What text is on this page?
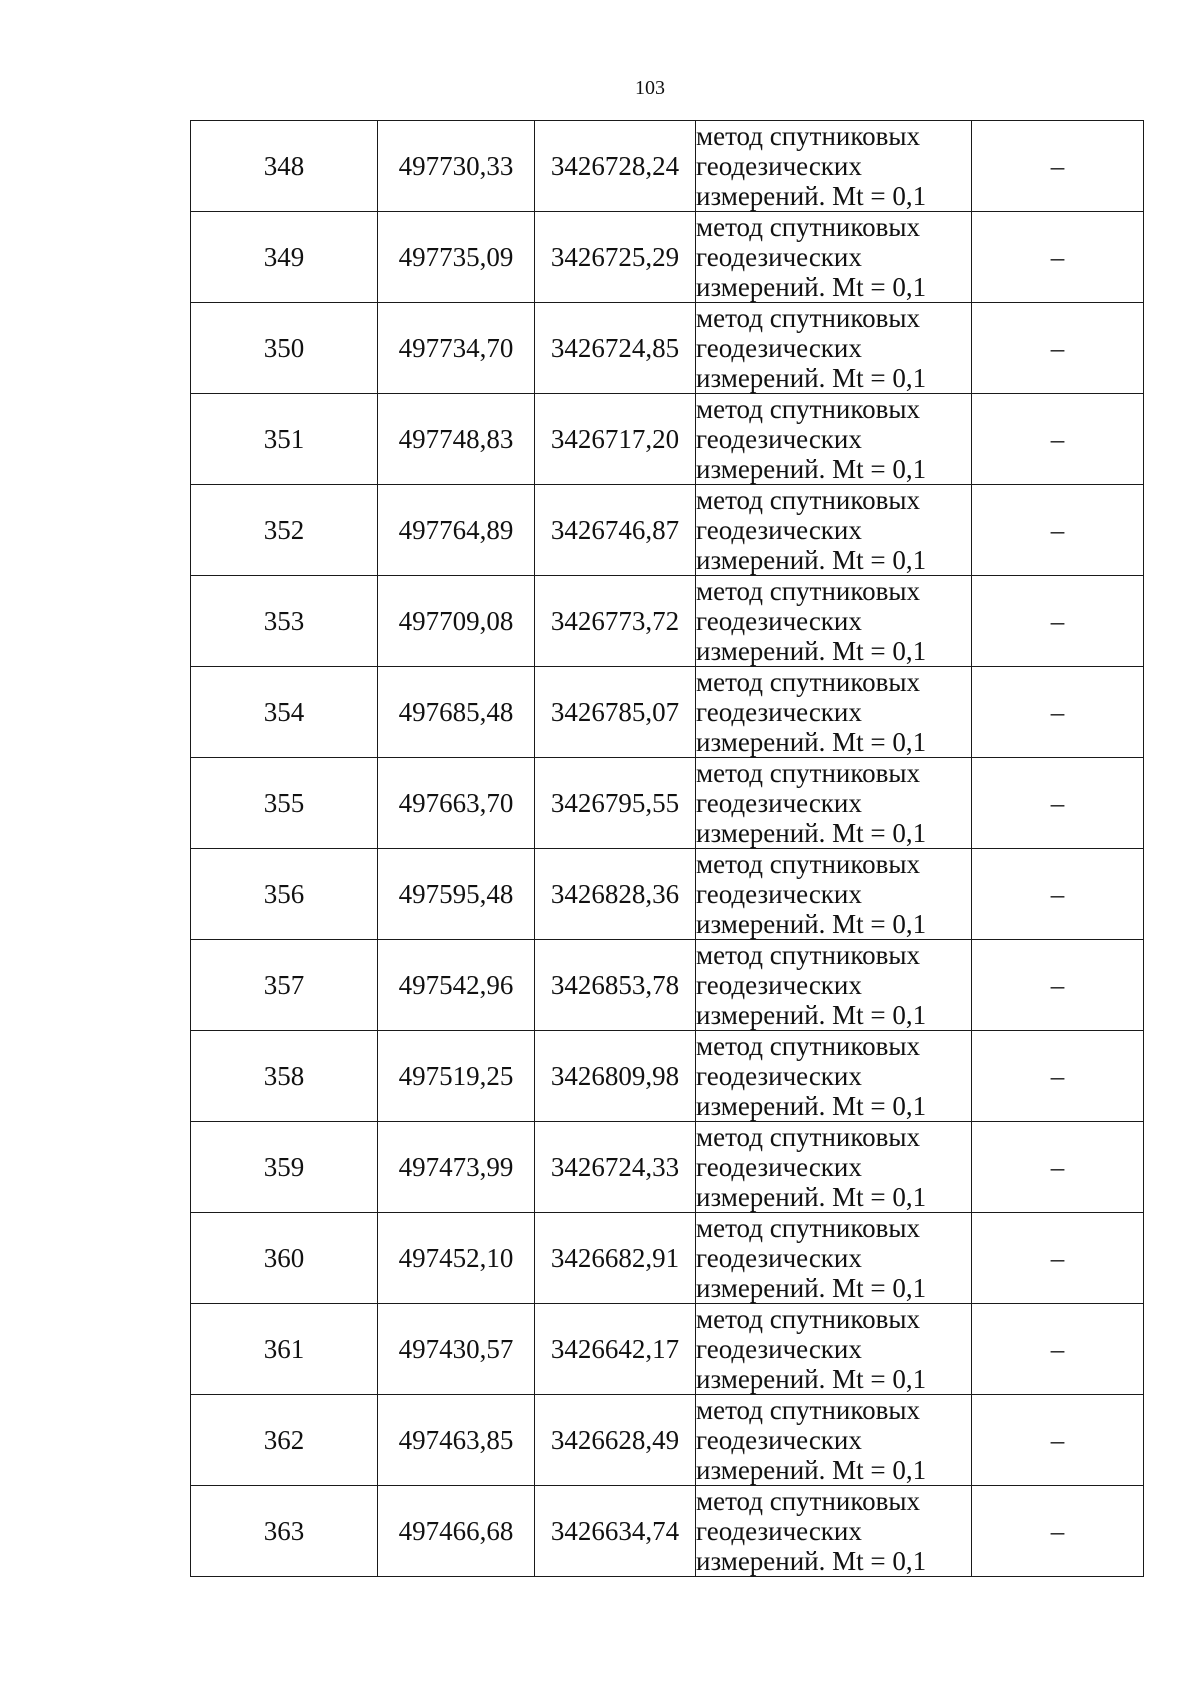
103
348	497730,33	3426728,24	метод спутниковых
геодезических
измерений. Mt = 0,1	–
349	497735,09	3426725,29	метод спутниковых
геодезических
измерений. Mt = 0,1	–
350	497734,70	3426724,85	метод спутниковых
геодезических
измерений. Mt = 0,1	–
351	497748,83	3426717,20	метод спутниковых
геодезических
измерений. Mt = 0,1	–
352	497764,89	3426746,87	метод спутниковых
геодезических
измерений. Mt = 0,1	–
353	497709,08	3426773,72	метод спутниковых
геодезических
измерений. Mt = 0,1	–
354	497685,48	3426785,07	метод спутниковых
геодезических
измерений. Mt = 0,1	–
355	497663,70	3426795,55	метод спутниковых
геодезических
измерений. Mt = 0,1	–
356	497595,48	3426828,36	метод спутниковых
геодезических
измерений. Mt = 0,1	–
357	497542,96	3426853,78	метод спутниковых
геодезических
измерений. Mt = 0,1	–
358	497519,25	3426809,98	метод спутниковых
геодезических
измерений. Mt = 0,1	–
359	497473,99	3426724,33	метод спутниковых
геодезических
измерений. Mt = 0,1	–
360	497452,10	3426682,91	метод спутниковых
геодезических
измерений. Mt = 0,1	–
361	497430,57	3426642,17	метод спутниковых
геодезических
измерений. Mt = 0,1	–
362	497463,85	3426628,49	метод спутниковых
геодезических
измерений. Mt = 0,1	–
363	497466,68	3426634,74	метод спутниковых
геодезических
измерений. Mt = 0,1	–
